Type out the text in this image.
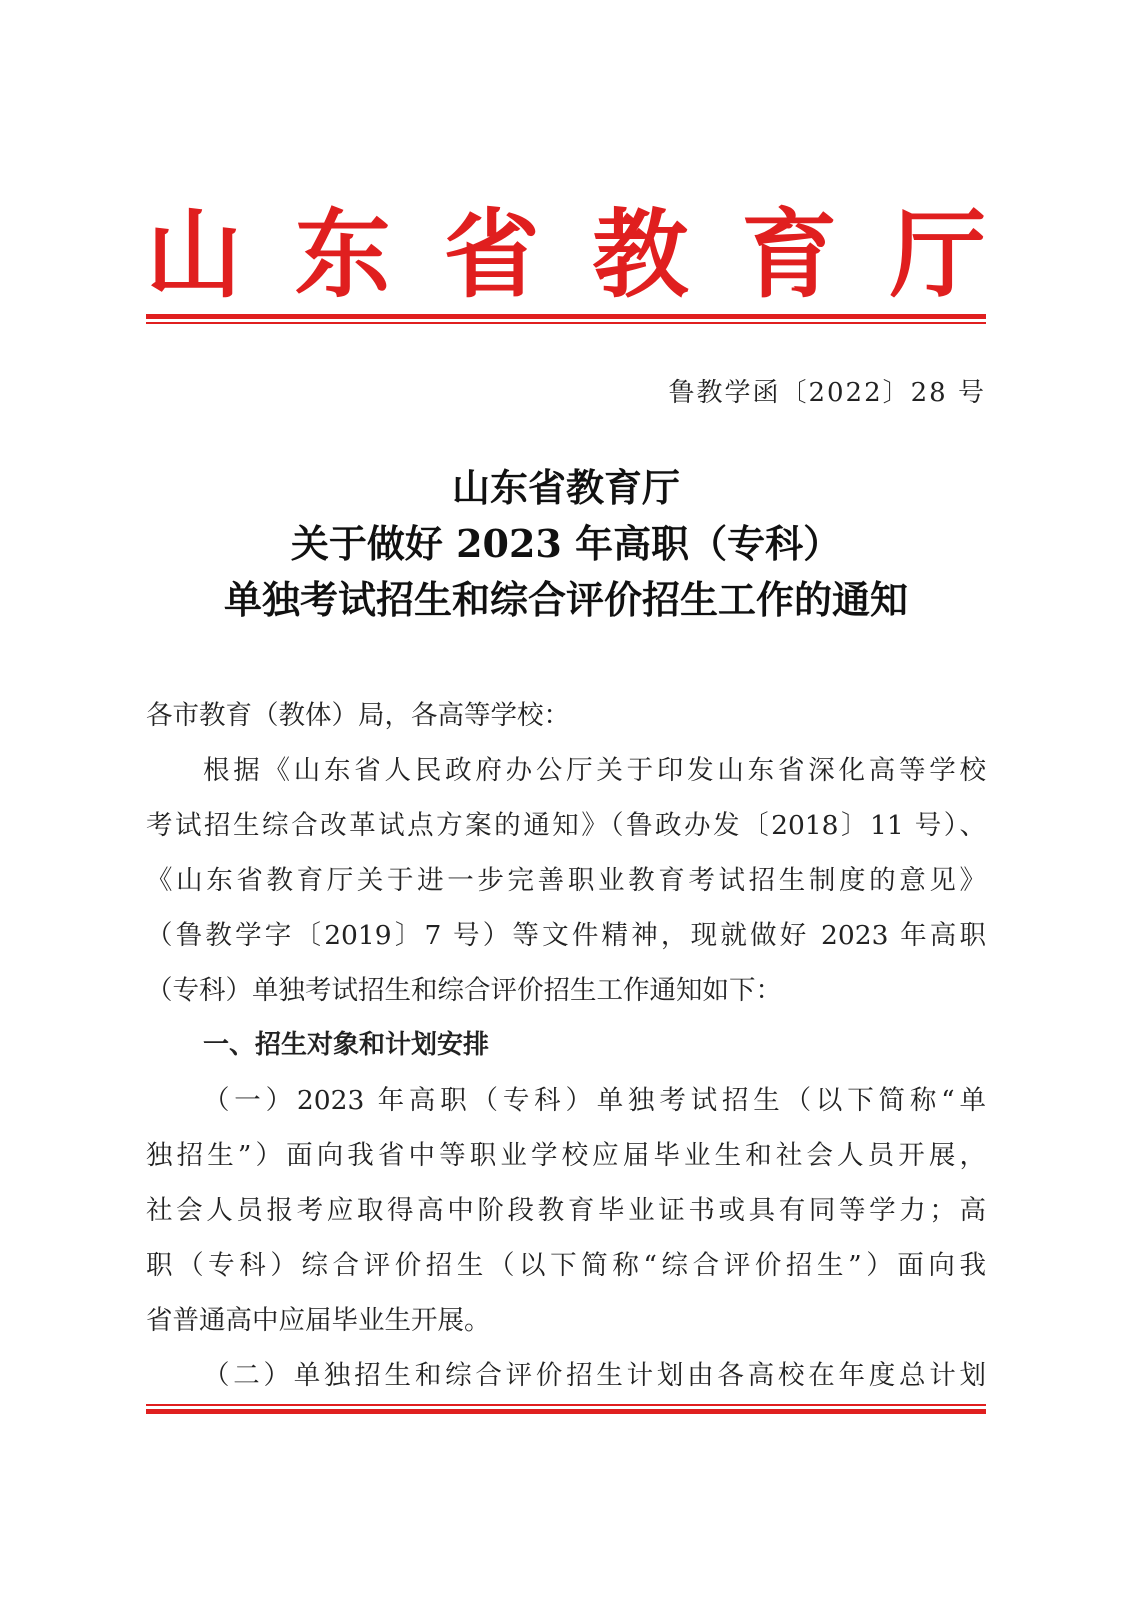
山 东 省 教 育 厅
鲁教学函〔2022〕28 号
山东省教育厅
关于做好 2023 年高职（专科）
单独考试招生和综合评价招生工作的通知
各市教育（教体）局，各高等学校：
根据《山东省人民政府办公厅关于印发山东省深化高等学校
考试招生综合改革试点方案的通知》（鲁政办发〔2018〕11 号）、
《山东省教育厅关于进一步完善职业教育考试招生制度的意见》
（鲁教学字〔2019〕7 号）等文件精神，现就做好 2023 年高职
（专科）单独考试招生和综合评价招生工作通知如下：
一、招生对象和计划安排
（一）2023 年高职（专科）单独考试招生（以下简称“单
独招生”）面向我省中等职业学校应届毕业生和社会人员开展，
社会人员报考应取得高中阶段教育毕业证书或具有同等学力；高
职（专科）综合评价招生（以下简称“综合评价招生”）面向我
省普通高中应届毕业生开展。
（二）单独招生和综合评价招生计划由各高校在年度总计划
